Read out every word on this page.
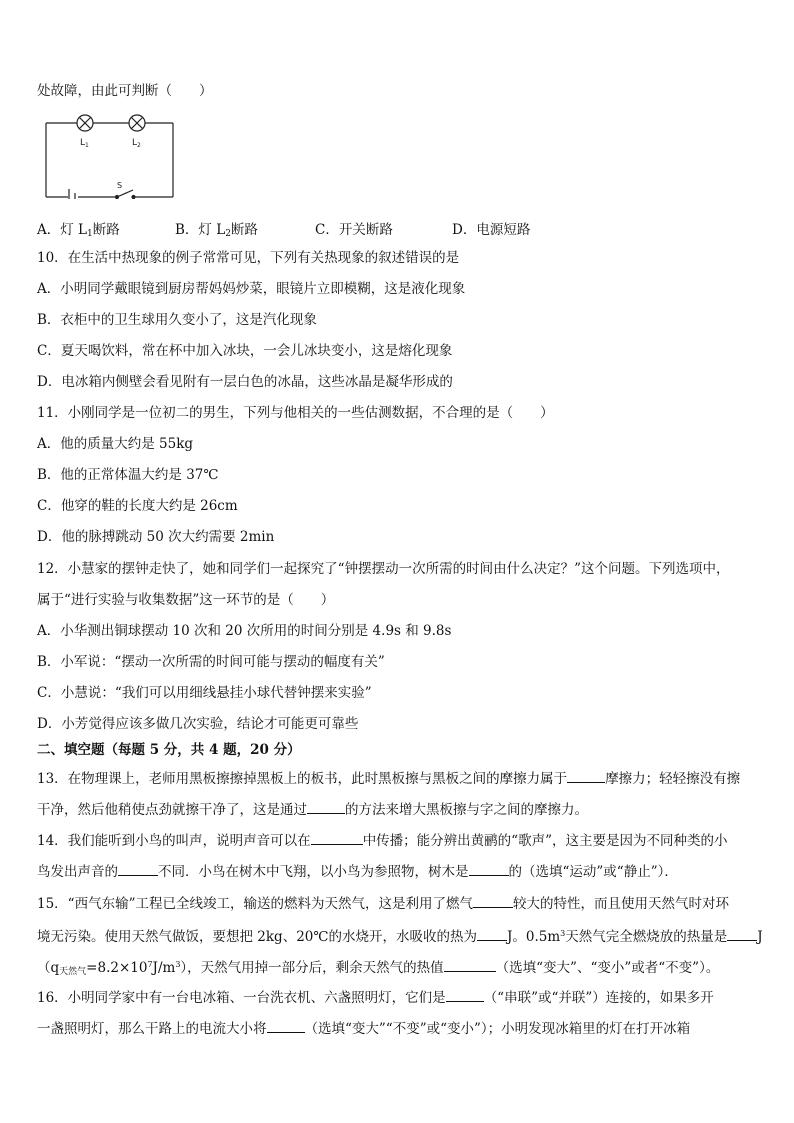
处故障，由此可判断（　　）
$L_1$	$L_2$
S
A．灯 $L_1$断路	B．灯 $L_2$断路	C．开关断路	D．电源短路
10．在生活中热现象的例子常常可见，下列有关热现象的叙述错误的是
A．小明同学戴眼镜到厨房帮妈妈炒菜，眼镜片立即模糊，这是液化现象
B．衣柜中的卫生球用久变小了，这是汽化现象
C．夏天喝饮料，常在杯中加入冰块，一会儿冰块变小，这是熔化现象
D．电冰箱内侧壁会看见附有一层白色的冰晶，这些冰晶是凝华形成的
11．小刚同学是一位初二的男生，下列与他相关的一些估测数据，不合理的是（　　）
A．他的质量大约是 55kg
B．他的正常体温大约是 37℃
C．他穿的鞋的长度大约是 26cm
D．他的脉搏跳动 50 次大约需要 2min
12．小慧家的摆钟走快了，她和同学们一起探究了“钟摆摆动一次所需的时间由什么决定？”这个问题。下列选项中，
属于“进行实验与收集数据”这一环节的是（　　）
A．小华测出铜球摆动 10 次和 20 次所用的时间分别是 4.9s 和 9.8s
B．小军说：“摆动一次所需的时间可能与摆动的幅度有关”
C．小慧说：“我们可以用细线悬挂小球代替钟摆来实验”
D．小芳觉得应该多做几次实验，结论才可能更可靠些
二、填空题（每题 5 分，共 4 题，20 分）
13．在物理课上，老师用黑板擦擦掉黑板上的板书，此时黑板擦与黑板之间的摩擦力属于	摩擦力；轻轻擦没有擦
干净，然后他稍使点劲就擦干净了，这是通过	的方法来增大黑板擦与字之间的摩擦力。
14．我们能听到小鸟的叫声，说明声音可以在	中传播；能分辨出黄鹂的“歌声”，这主要是因为不同种类的小
鸟发出声音的	不同．小鸟在树木中飞翔，以小鸟为参照物，树木是	的（选填“运动”或“静止”）．
15．“西气东输”工程已全线竣工，输送的燃料为天然气，这是利用了燃气	较大的特性，而且使用天然气时对环
境无污染。使用天然气做饭，要想把 2kg、20℃的水烧开，水吸收的热为 J。$0.5m^3$天然气完全燃烧放的热量是 J
$(q_{天然气}=8.2\times 10^7J/m^3)$，天然气用掉一部分后，剩余天然气的热值	（选填“变大”、“变小”或者“不变”）。
16．小明同学家中有一台电冰箱、一台洗衣机、六盏照明灯，它们是	（“串联”或“并联”）连接的，如果多开
一盏照明灯，那么干路上的电流大小将	（选填“变大”“不变”或“变小”）；小明发现冰箱里的灯在打开冰箱
